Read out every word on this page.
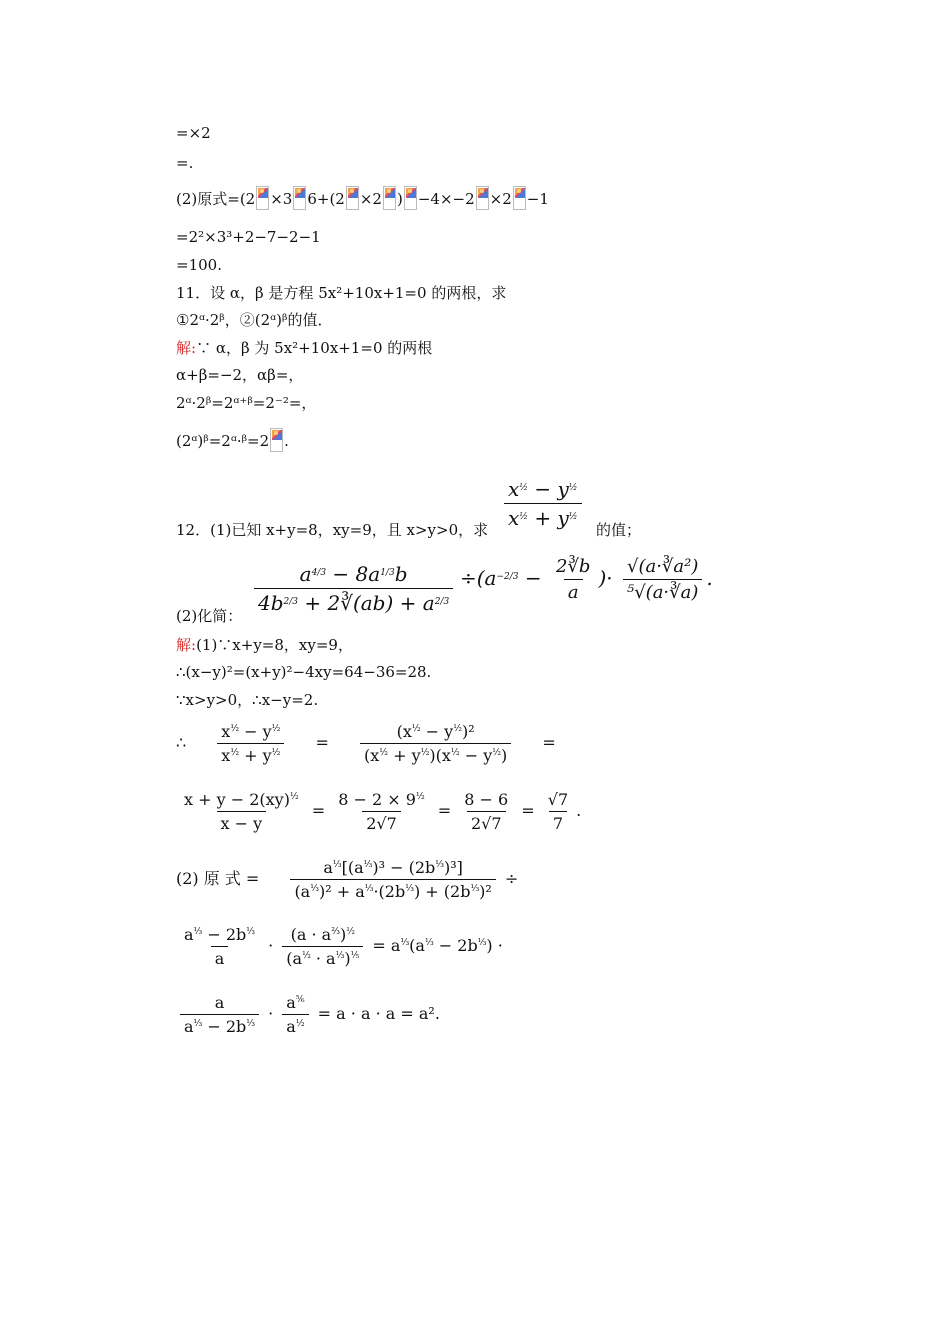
=×2
=.
(2)原式=(2 ×3 6+(2 ×2 ) −4×−2 ×2 −1
=2²×3³+2−7−2−1
=100.
11．设 α，β 是方程 5x²+10x+1=0 的两根，求
①2ᵅ·2ᵝ，②(2ᵅ)ᵝ的值．
解:∵ α，β 为 5x²+10x+1=0 的两根
α+β=−2，αβ=，
2ᵅ·2ᵝ=2ᵅ⁺ᵝ=2⁻²=，
(2ᵅ)ᵝ=2ᵅ·ᵝ=2 .
12．(1)已知 x+y=8，xy=9，且 x>y>0，求 $\frac{x^{\frac{1}{2}} - y^{\frac{1}{2}}}{x^{\frac{1}{2}} + y^{\frac{1}{2}}}$ 的值；
(2)化简：
$\frac{a^{4/3} - 8a^{1/3}b}{4b^{2/3} + 2∛(ab) + a^{2/3}} \div(a^{-2/3} - \frac{2∛b}{a}$ )· $\frac{\text{√(a·∛a²)}}{\text{⁵√(a·∛a)}}$ .
解:(1)∵x+y=8，xy=9，
∴(x−y)²=(x+y)²−4xy=64−36=28.
∵x>y>0，∴x−y=2.
∴ $\frac{x^{\frac{1}{2}} - y^{\frac{1}{2}}}{x^{\frac{1}{2}} + y^{\frac{1}{2}}} = \frac{(x^{\frac{1}{2}} - y^{\frac{1}{2}})^2}{(x^{\frac{1}{2}} + y^{\frac{1}{2}})(x^{\frac{1}{2}} - y^{\frac{1}{2}})}$ =
$\frac{x + y - 2(xy)^{\frac{1}{2}}}{x - y} = \frac{8 - 2 \times 9^{\frac{1}{2}}}{2√7} = \frac{8 - 6}{2√7} = \frac{√7}{7}$ .
(2) 原 式 = $\frac{a^{\frac{1}{3}}[(a^{\frac{1}{3}})^3 - (2b^{\frac{1}{3}})^3]}{(a^{\frac{1}{3}})^2 + a^{\frac{1}{3}}\cdot(2b^{\frac{1}{3}}) + (2b^{\frac{1}{3}})^2}$ ÷
$\frac{a^{\frac{1}{3}} - 2b^{\frac{1}{3}}}{a} \cdot \frac{(a \cdot a^{\frac{2}{3}})^{\frac{1}{2}}}{(a^{\frac{1}{2}} \cdot a^{\frac{1}{3}})^{\frac{1}{5}}} = a^{\frac{1}{3}}(a^{\frac{1}{3}} - 2b^{\frac{1}{3}})$ ·
$\frac{a}{a^{\frac{1}{3}} - 2b^{\frac{1}{3}}} \cdot \frac{a^{\frac{5}{6}}}{a^{\frac{1}{2}}} = a \cdot a \cdot a = a^2$.
